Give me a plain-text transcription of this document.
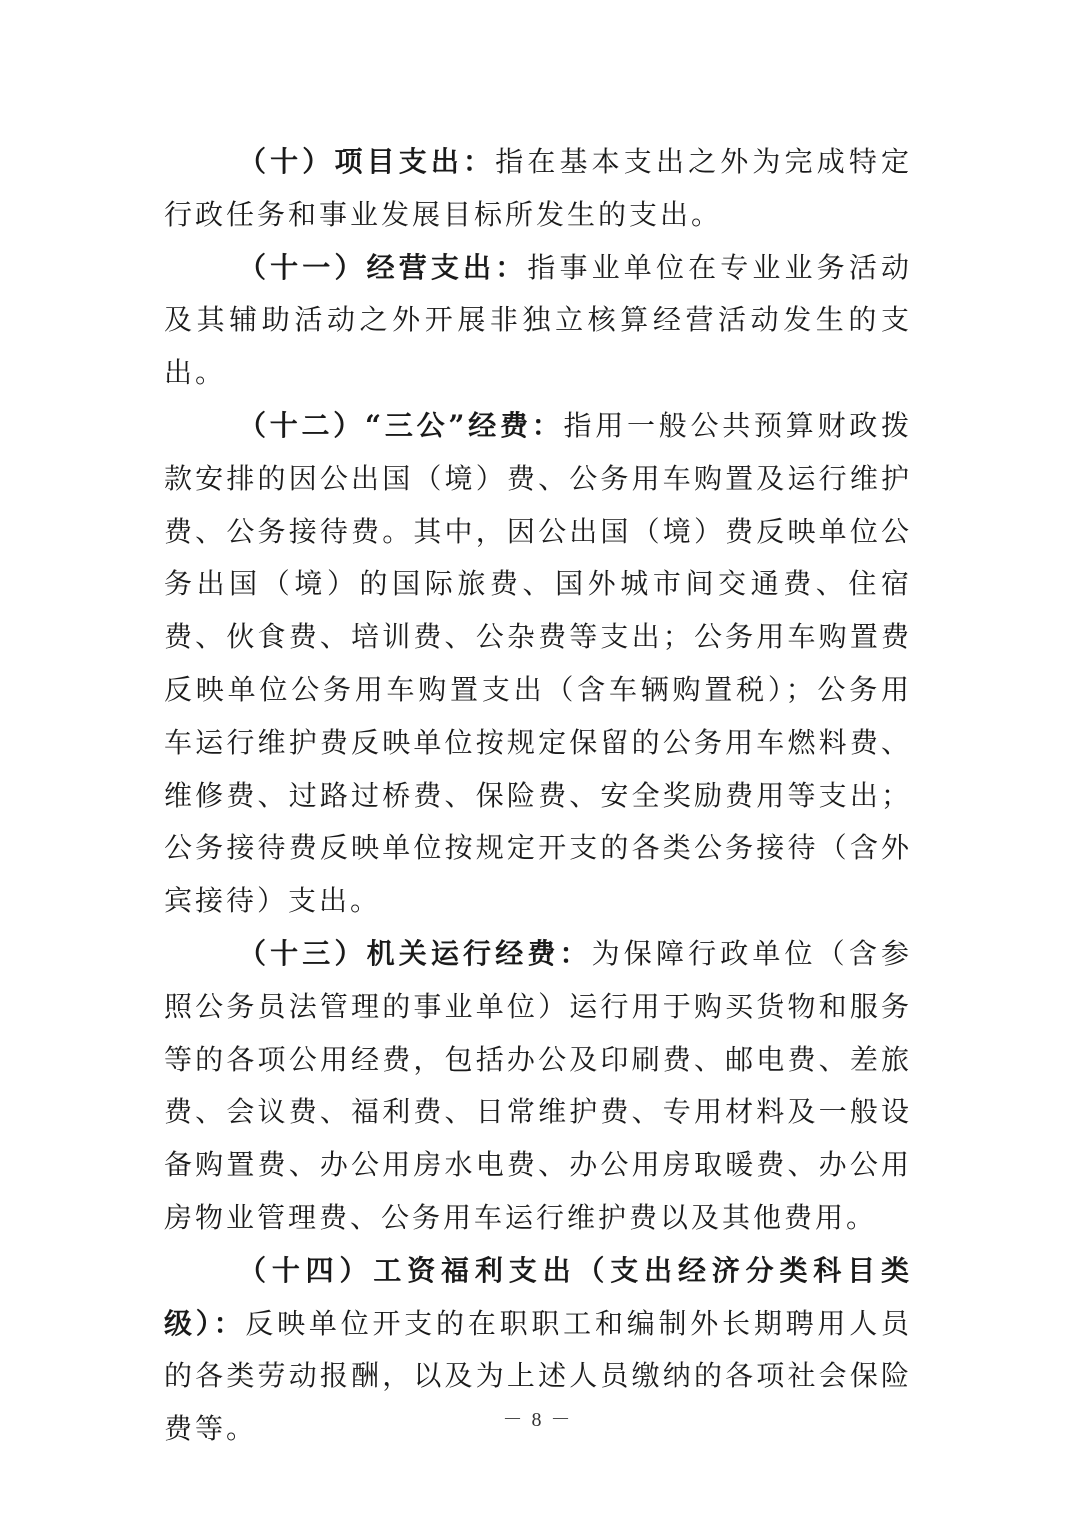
（十）项目支出：指在基本支出之外为完成特定行政任务和事业发展目标所发生的支出。

（十一）经营支出：指事业单位在专业业务活动及其辅助活动之外开展非独立核算经营活动发生的支出。

（十二）“三公”经费：指用一般公共预算财政拨款安排的因公出国（境）费、公务用车购置及运行维护费、公务接待费。其中，因公出国（境）费反映单位公务出国（境）的国际旅费、国外城市间交通费、住宿费、伙食费、培训费、公杂费等支出；公务用车购置费反映单位公务用车购置支出（含车辆购置税）；公务用车运行维护费反映单位按规定保留的公务用车燃料费、维修费、过路过桥费、保险费、安全奖励费用等支出；公务接待费反映单位按规定开支的各类公务接待（含外宾接待）支出。

（十三）机关运行经费：为保障行政单位（含参照公务员法管理的事业单位）运行用于购买货物和服务等的各项公用经费，包括办公及印刷费、邮电费、差旅费、会议费、福利费、日常维护费、专用材料及一般设备购置费、办公用房水电费、办公用房取暖费、办公用房物业管理费、公务用车运行维护费以及其他费用。

（十四）工资福利支出（支出经济分类科目类级）：反映单位开支的在职职工和编制外长期聘用人员的各类劳动报酬，以及为上述人员缴纳的各项社会保险费等。	－ 8 －
